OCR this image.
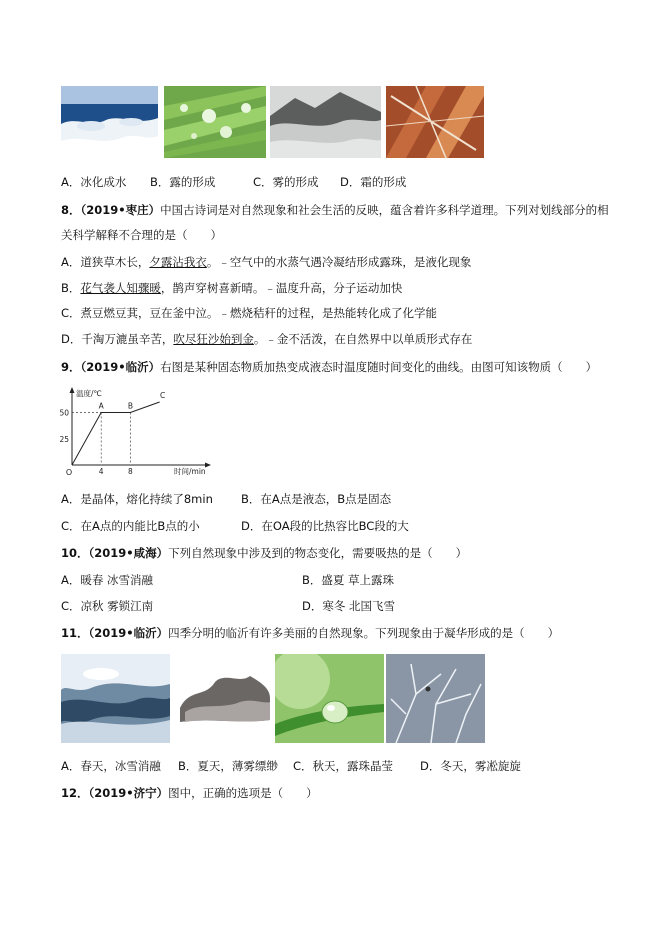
A．冰化成水 B．露的形成	C．雾的形成 D．霜的形成
8．（2019•枣庄）中国古诗词是对自然现象和社会生活的反映，蕴含着许多科学道理。下列对划线部分的相
关科学解释不合理的是（　　）
A．道狭草木长，夕露沾我衣。﹣空气中的水蒸气遇冷凝结形成露珠，是液化现象
B．花气袭人知骤暖，鹊声穿树喜新晴。﹣温度升高，分子运动加快
C．煮豆燃豆萁，豆在釜中泣。﹣燃烧秸秆的过程，是热能转化成了化学能
D．千淘万漉虽辛苦，吹尽狂沙始到金。﹣金不活泼，在自然界中以单质形式存在
9．（2019•临沂）右图是某种固态物质加热变成液态时温度随时间变化的曲线。由图可知该物质（　　）
温度/℃
时间/min
O	4	8
25
50
A	B
C
A．是晶体，熔化持续了8min B．在A点是液态，B点是固态
C．在A点的内能比B点的小	D．在OA段的比热容比BC段的大
10．（2019•咸海）下列自然现象中涉及到的物态变化，需要吸热的是（　　）
A．暖春 冰雪消融	B．盛夏 草上露珠
C．凉秋 雾锁江南	D．寒冬 北国飞雪
11．（2019•临沂）四季分明的临沂有许多美丽的自然现象。下列现象由于凝华形成的是（　　）
A．春天，冰雪消融 B．夏天，薄雾缥缈 C．秋天，露珠晶莹 D．冬天，雾凇旋旋
12．（2019•济宁）图中，正确的选项是（　　）
